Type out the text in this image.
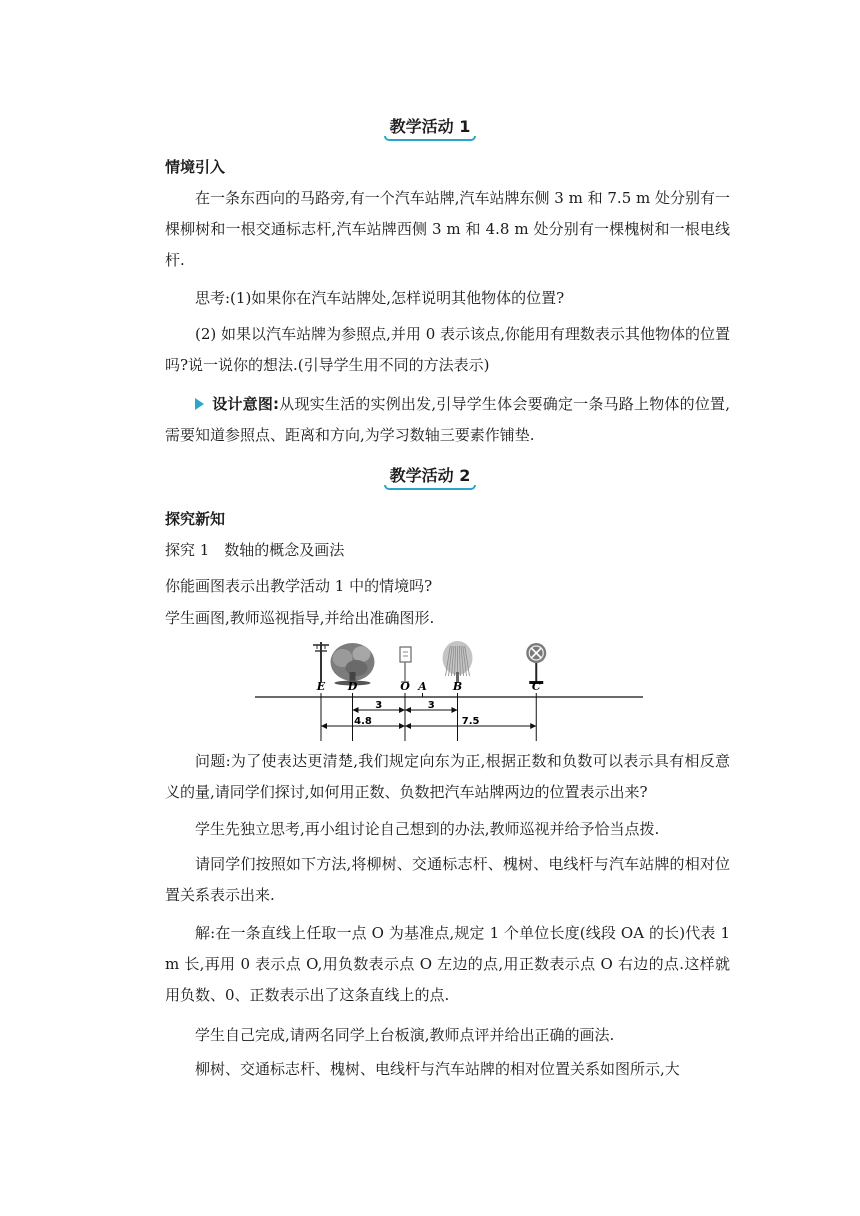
教学活动 1
情境引入

在一条东西向的马路旁,有一个汽车站牌,汽车站牌东侧 3 m 和 7.5 m 处分别有一棵柳树和一根交通标志杆,汽车站牌西侧 3 m 和 4.8 m 处分别有一棵槐树和一根电线杆.

思考:(1)如果你在汽车站牌处,怎样说明其他物体的位置?

(2) 如果以汽车站牌为参照点,并用 0 表示该点,你能用有理数表示其他物体的位置吗?说一说你的想法.(引导学生用不同的方法表示)

设计意图:从现实生活的实例出发,引导学生体会要确定一条马路上物体的位置,需要知道参照点、距离和方向,为学习数轴三要素作铺垫.

教学活动 2
探究新知

探究 1　数轴的概念及画法

你能画图表示出教学活动 1 中的情境吗?

学生画图,教师巡视指导,并给出准确图形.

E D	O A B	C
3	3
4.8	7.5

问题:为了使表达更清楚,我们规定向东为正,根据正数和负数可以表示具有相反意义的量,请同学们探讨,如何用正数、负数把汽车站牌两边的位置表示出来?

学生先独立思考,再小组讨论自己想到的办法,教师巡视并给予恰当点拨.

请同学们按照如下方法,将柳树、交通标志杆、槐树、电线杆与汽车站牌的相对位置关系表示出来.

解:在一条直线上任取一点 O 为基准点,规定 1 个单位长度(线段 OA 的长)代表 1 m 长,再用 0 表示点 O,用负数表示点 O 左边的点,用正数表示点 O 右边的点.这样就用负数、0、正数表示出了这条直线上的点.

学生自己完成,请两名同学上台板演,教师点评并给出正确的画法.

柳树、交通标志杆、槐树、电线杆与汽车站牌的相对位置关系如图所示,大
